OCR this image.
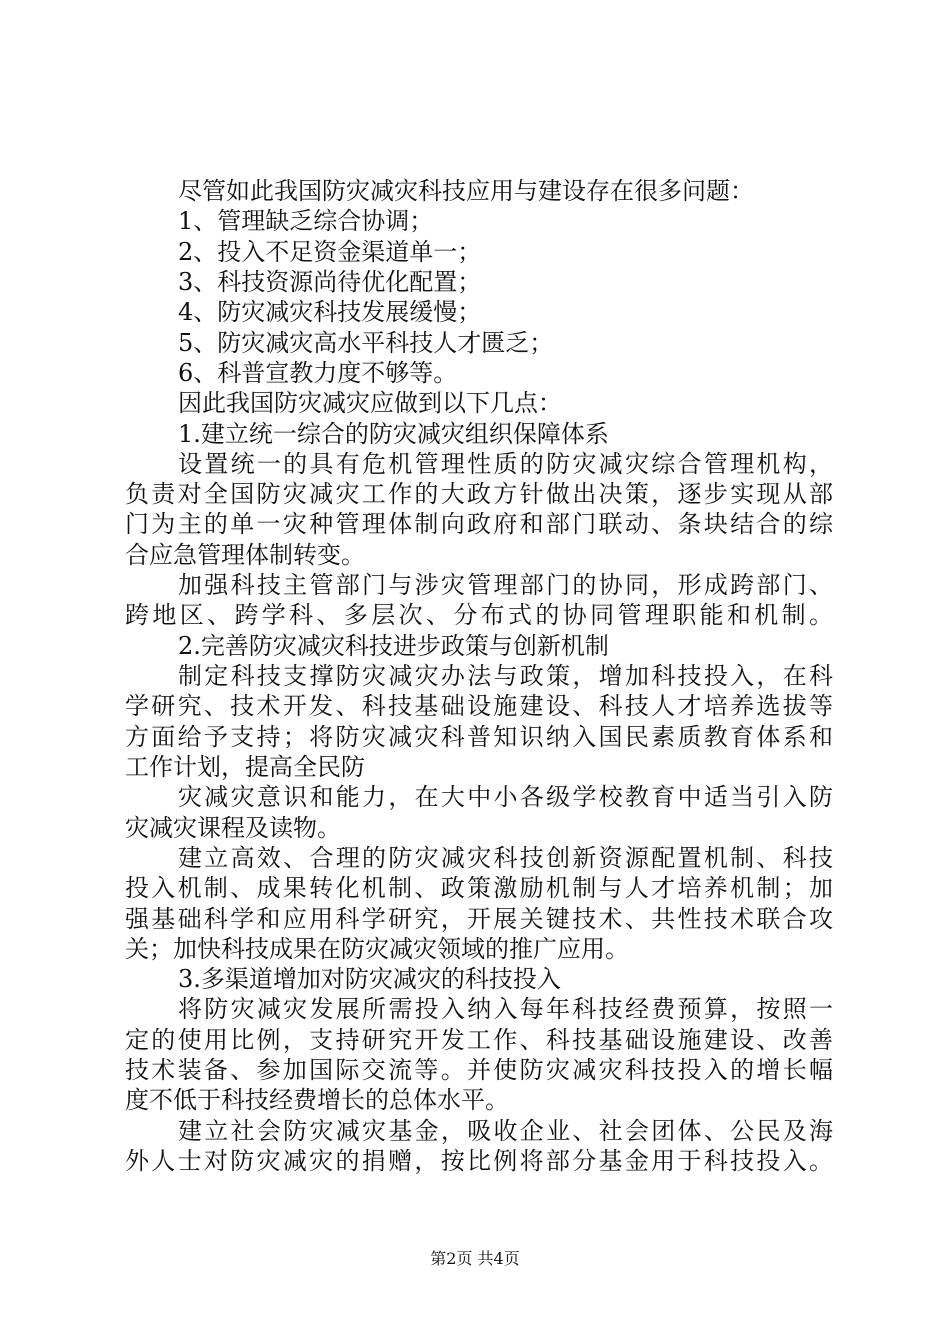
尽管如此我国防灾减灾科技应用与建设存在很多问题：
1、管理缺乏综合协调；
2、投入不足资金渠道单一；
3、科技资源尚待优化配置；
4、防灾减灾科技发展缓慢；
5、防灾减灾高水平科技人才匮乏；
6、科普宣教力度不够等。
因此我国防灾减灾应做到以下几点：
1.建立统一综合的防灾减灾组织保障体系
设置统一的具有危机管理性质的防灾减灾综合管理机构，
负责对全国防灾减灾工作的大政方针做出决策，逐步实现从部
门为主的单一灾种管理体制向政府和部门联动、条块结合的综
合应急管理体制转变。
加强科技主管部门与涉灾管理部门的协同，形成跨部门、
跨地区、跨学科、多层次、分布式的协同管理职能和机制。
2.完善防灾减灾科技进步政策与创新机制
制定科技支撑防灾减灾办法与政策，增加科技投入，在科
学研究、技术开发、科技基础设施建设、科技人才培养选拔等
方面给予支持；将防灾减灾科普知识纳入国民素质教育体系和
工作计划，提高全民防
灾减灾意识和能力，在大中小各级学校教育中适当引入防
灾减灾课程及读物。
建立高效、合理的防灾减灾科技创新资源配置机制、科技
投入机制、成果转化机制、政策激励机制与人才培养机制；加
强基础科学和应用科学研究，开展关键技术、共性技术联合攻
关；加快科技成果在防灾减灾领域的推广应用。
3.多渠道增加对防灾减灾的科技投入
将防灾减灾发展所需投入纳入每年科技经费预算，按照一
定的使用比例，支持研究开发工作、科技基础设施建设、改善
技术装备、参加国际交流等。并使防灾减灾科技投入的增长幅
度不低于科技经费增长的总体水平。
建立社会防灾减灾基金，吸收企业、社会团体、公民及海
外人士对防灾减灾的捐赠，按比例将部分基金用于科技投入。
第2页 共4页
